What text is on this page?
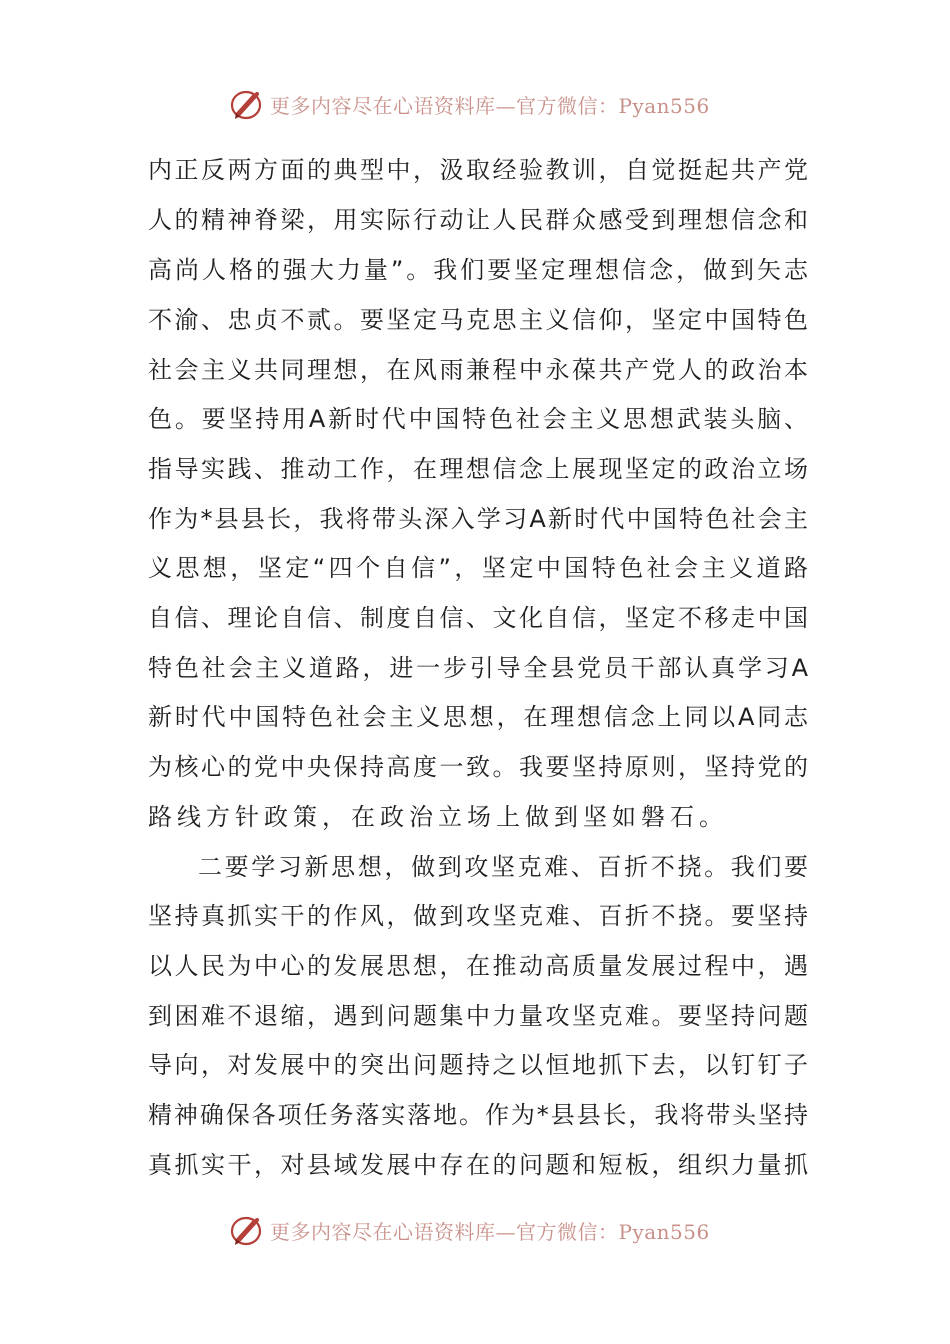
更多内容尽在心语资料库—官方微信：Pyan556
内正反两方面的典型中，汲取经验教训，自觉挺起共产党
人的精神脊梁，用实际行动让人民群众感受到理想信念和
高尚人格的强大力量”。我们要坚定理想信念，做到矢志
不渝、忠贞不贰。要坚定马克思主义信仰，坚定中国特色
社会主义共同理想，在风雨兼程中永葆共产党人的政治本
色。要坚持用A新时代中国特色社会主义思想武装头脑、
指导实践、推动工作，在理想信念上展现坚定的政治立场
作为*县县长，我将带头深入学习A新时代中国特色社会主
义思想，坚定“四个自信”，坚定中国特色社会主义道路
自信、理论自信、制度自信、文化自信，坚定不移走中国
特色社会主义道路，进一步引导全县党员干部认真学习A
新时代中国特色社会主义思想，在理想信念上同以A同志
为核心的党中央保持高度一致。我要坚持原则，坚持党的
路线方针政策，在政治立场上做到坚如磐石。
二要学习新思想，做到攻坚克难、百折不挠。我们要
坚持真抓实干的作风，做到攻坚克难、百折不挠。要坚持
以人民为中心的发展思想，在推动高质量发展过程中，遇
到困难不退缩，遇到问题集中力量攻坚克难。要坚持问题
导向，对发展中的突出问题持之以恒地抓下去，以钉钉子
精神确保各项任务落实落地。作为*县县长，我将带头坚持
真抓实干，对县域发展中存在的问题和短板，组织力量抓
更多内容尽在心语资料库—官方微信：Pyan556
